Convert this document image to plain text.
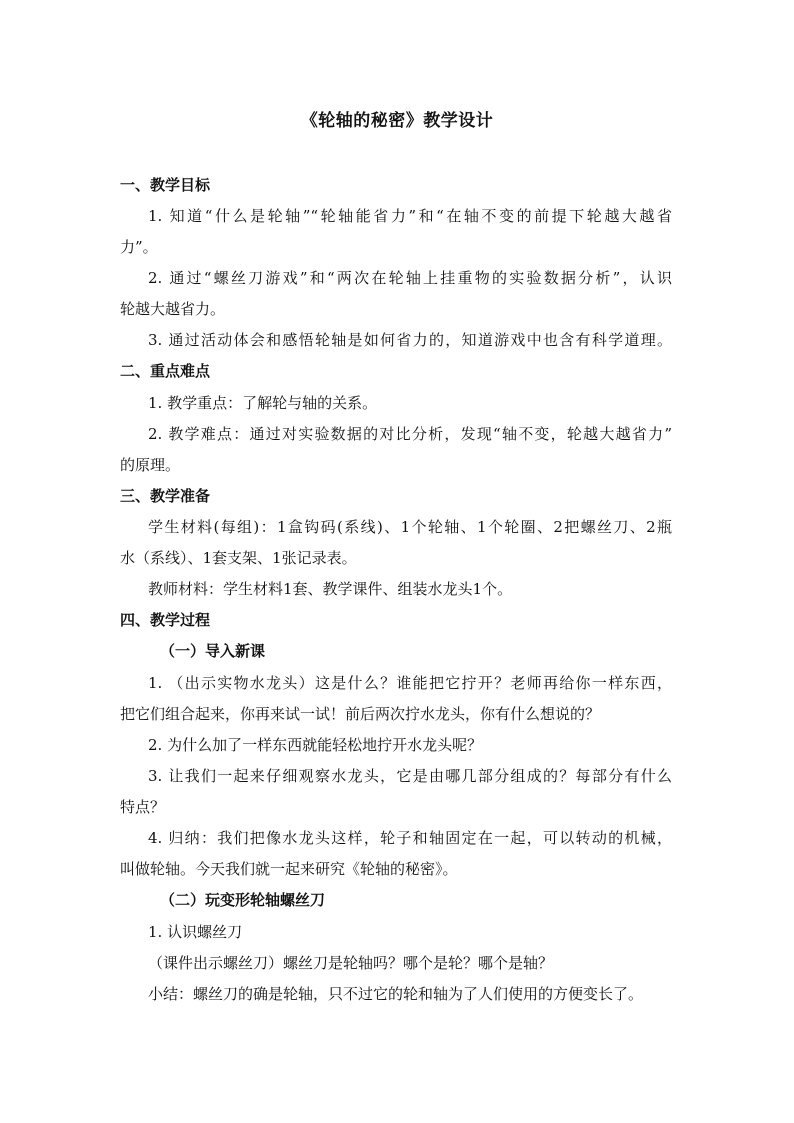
《轮轴的秘密》教学设计
一、教学目标
1. 知道“什么是轮轴”“轮轴能省力”和“在轴不变的前提下轮越大越省
力”。
2. 通过“螺丝刀游戏”和“两次在轮轴上挂重物的实验数据分析”，认识
轮越大越省力。
3. 通过活动体会和感悟轮轴是如何省力的，知道游戏中也含有科学道理。
二、重点难点
1. 教学重点：了解轮与轴的关系。
2. 教学难点：通过对实验数据的对比分析，发现“轴不变，轮越大越省力”
的原理。
三、教学准备
学生材料(每组)：1盒钩码(系线)、1个轮轴、1个轮圈、2把螺丝刀、2瓶
水（系线）、1套支架、1张记录表。
教师材料：学生材料1套、教学课件、组装水龙头1个。
四、教学过程
（一）导入新课
1. （出示实物水龙头）这是什么？谁能把它拧开？老师再给你一样东西，
把它们组合起来，你再来试一试！前后两次拧水龙头，你有什么想说的？
2. 为什么加了一样东西就能轻松地拧开水龙头呢？
3. 让我们一起来仔细观察水龙头，它是由哪几部分组成的？每部分有什么
特点？
4. 归纳：我们把像水龙头这样，轮子和轴固定在一起，可以转动的机械，
叫做轮轴。今天我们就一起来研究《轮轴的秘密》。
（二）玩变形轮轴螺丝刀
1. 认识螺丝刀
（课件出示螺丝刀）螺丝刀是轮轴吗？哪个是轮？哪个是轴？
小结：螺丝刀的确是轮轴，只不过它的轮和轴为了人们使用的方便变长了。
